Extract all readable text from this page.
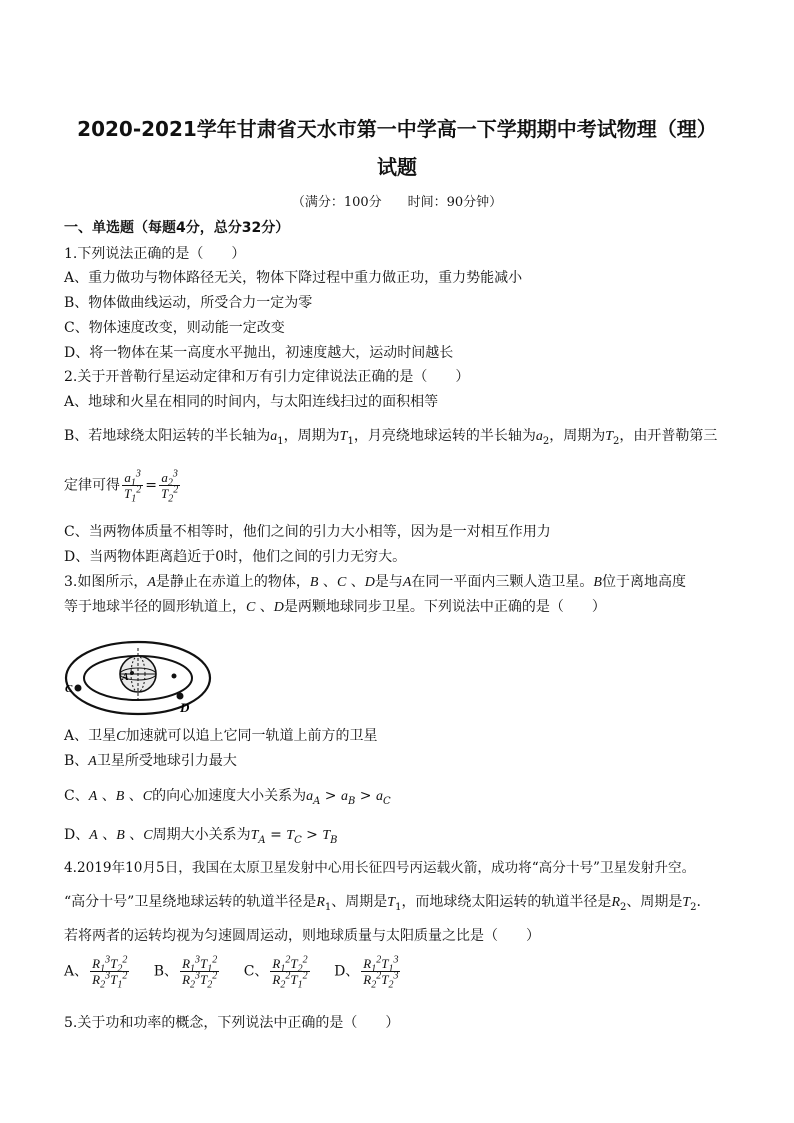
2020-2021学年甘肃省天水市第一中学高一下学期期中考试物理（理）
试题
（满分：100分　　时间：90分钟）
一、单选题（每题4分，总分32分）
1.下列说法正确的是（　　）
A、重力做功与物体路径无关，物体下降过程中重力做正功，重力势能减小
B、物体做曲线运动，所受合力一定为零
C、物体速度改变，则动能一定改变
D、将一物体在某一高度水平抛出，初速度越大，运动时间越长
2.关于开普勒行星运动定律和万有引力定律说法正确的是（　　）
A、地球和火星在相同的时间内，与太阳连线扫过的面积相等
B、若地球绕太阳运转的半长轴为$a_1$，周期为$T_1$，月亮绕地球运转的半长轴为$a_2$，周期为$T_2$，由开普勒第三
定律可得 $\frac{a_1^3}{T_1^2} = \frac{a_2^3}{T_2^2}$
C、当两物体质量不相等时，他们之间的引力大小相等，因为是一对相互作用力
D、当两物体距离趋近于0时，他们之间的引力无穷大。
3.如图所示，A是静止在赤道上的物体，B 、C 、D是与A在同一平面内三颗人造卫星。B位于离地高度
等于地球半径的圆形轨道上，C 、D是两颗地球同步卫星。下列说法中正确的是（　　）
A
C
D
A、卫星C加速就可以追上它同一轨道上前方的卫星
B、A卫星所受地球引力最大
C、A 、B 、C的向心加速度大小关系为$a_A > a_B > a_C$
D、A 、B 、C周期大小关系为$T_A = T_C > T_B$
4.2019年10月5日，我国在太原卫星发射中心用长征四号丙运载火箭，成功将“高分十号”卫星发射升空。
“高分十号”卫星绕地球运转的轨道半径是$R_1$、周期是$T_1$，而地球绕太阳运转的轨道半径是$R_2$、周期是$T_2$.
若将两者的运转均视为匀速圆周运动，则地球质量与太阳质量之比是（　　）
A、 $\frac{R_1^3T_2^2}{R_2^3T_1^2}$ B、 $\frac{R_1^3T_1^2}{R_2^3T_2^2}$ C、 $\frac{R_1^2T_2^2}{R_2^2T_1^2}$ D、 $\frac{R_1^2T_1^3}{R_2^2T_2^3}$
5.关于功和功率的概念，下列说法中正确的是（　　）
